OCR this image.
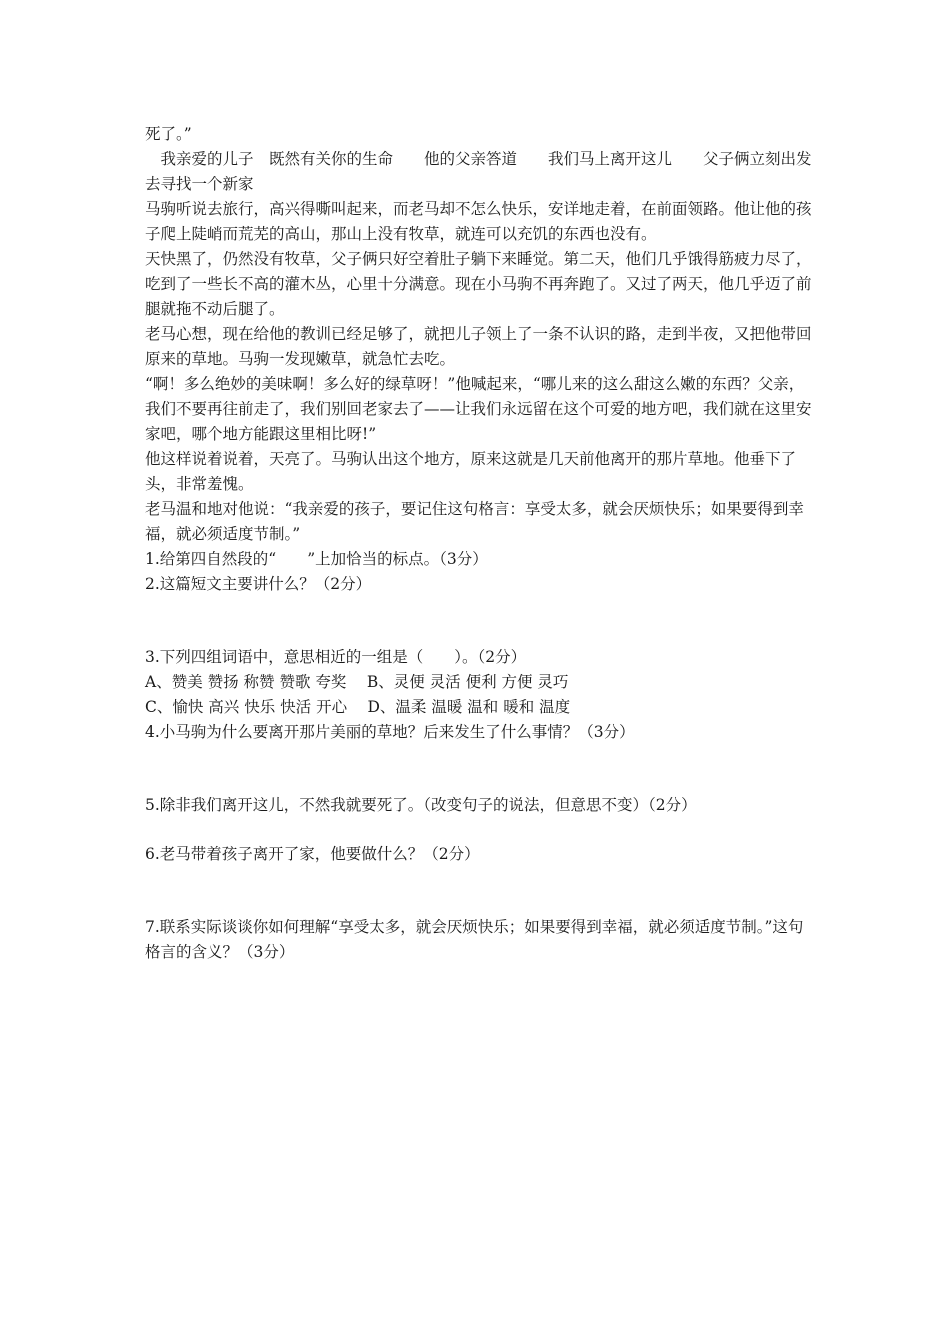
死了。”
　我亲爱的儿子　既然有关你的生命　　他的父亲答道　　我们马上离开这儿　　父子俩立刻出发去寻找一个新家
马驹听说去旅行，高兴得嘶叫起来，而老马却不怎么快乐，安详地走着，在前面领路。他让他的孩子爬上陡峭而荒芜的高山，那山上没有牧草，就连可以充饥的东西也没有。
天快黑了，仍然没有牧草，父子俩只好空着肚子躺下来睡觉。第二天，他们几乎饿得筋疲力尽了，吃到了一些长不高的灌木丛，心里十分满意。现在小马驹不再奔跑了。又过了两天，他几乎迈了前腿就拖不动后腿了。
老马心想，现在给他的教训已经足够了，就把儿子领上了一条不认识的路，走到半夜，又把他带回原来的草地。马驹一发现嫩草，就急忙去吃。
“啊！多么绝妙的美味啊！多么好的绿草呀！”他喊起来，“哪儿来的这么甜这么嫩的东西？父亲，我们不要再往前走了，我们别回老家去了——让我们永远留在这个可爱的地方吧，我们就在这里安家吧，哪个地方能跟这里相比呀!”
他这样说着说着，天亮了。马驹认出这个地方，原来这就是几天前他离开的那片草地。他垂下了头，非常羞愧。
老马温和地对他说：“我亲爱的孩子，要记住这句格言：享受太多，就会厌烦快乐；如果要得到幸福，就必须适度节制。”
1.给第四自然段的“　　”上加恰当的标点。（3分）
2.这篇短文主要讲什么？（2分）
3.下列四组词语中，意思相近的一组是（　　）。（2分）
A、赞美 赞扬 称赞 赞歌 夸奖　 B、灵便 灵活 便利 方便 灵巧
C、愉快 高兴 快乐 快活 开心　 D、温柔 温暖 温和 暖和 温度
4.小马驹为什么要离开那片美丽的草地？后来发生了什么事情？（3分）
5.除非我们离开这儿，不然我就要死了。（改变句子的说法，但意思不变）（2分）
6.老马带着孩子离开了家，他要做什么？（2分）
7.联系实际谈谈你如何理解“享受太多，就会厌烦快乐；如果要得到幸福，就必须适度节制。”这句格言的含义？（3分）
